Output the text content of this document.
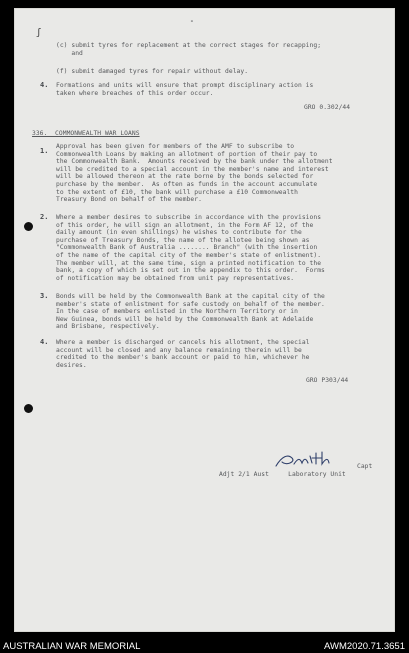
-
ʃ
(c) submit tyres for replacement at the correct stages for recapping;
and
(f) submit damaged tyres for repair without delay.
4. Formations and units will ensure that prompt disciplinary action is
taken where breaches of this order occur.
GRO 0.302/44
336.  COMMONWEALTH WAR LOANS
1.
Approval has been given for members of the AMF to subscribe to
Commonwealth Loans by making an allotment of portion of their pay to
the Commonwealth Bank.  Amounts received by the bank under the allotment
will be credited to a special account in the member's name and interest
will be allowed thereon at the rate borne by the bonds selected for
purchase by the member.  As often as funds in the account accumulate
to the extent of £10, the bank will purchase a £10 Commonwealth
Treasury Bond on behalf of the member.
2. Where a member desires to subscribe in accordance with the provisions
of this order, he will sign an allotment, in the Form AF 12, of the
daily amount (in even shillings) he wishes to contribute for the
purchase of Treasury Bonds, the name of the allotee being shown as
"Commonwealth Bank of Australia ........ Branch" (with the insertion
of the name of the capital city of the member's state of enlistment).
The member will, at the same time, sign a printed notification to the
bank, a copy of which is set out in the appendix to this order.  Forms
of notification may be obtained from unit pay representatives.
3. Bonds will be held by the Commonwealth Bank at the capital city of the
member's state of enlistment for safe custody on behalf of the member.
In the case of members enlisted in the Northern Territory or in
New Guinea, bonds will be held by the Commonwealth Bank at Adelaide
and Brisbane, respectively.
4. Where a member is discharged or cancels his allotment, the special
account will be closed and any balance remaining therein will be
credited to the member's bank account or paid to him, whichever he
desires.
GRO P303/44
Capt
Adjt 2/1 Aust     Laboratory Unit
AUSTRALIAN WAR MEMORIAL	AWM2020.71.3651
